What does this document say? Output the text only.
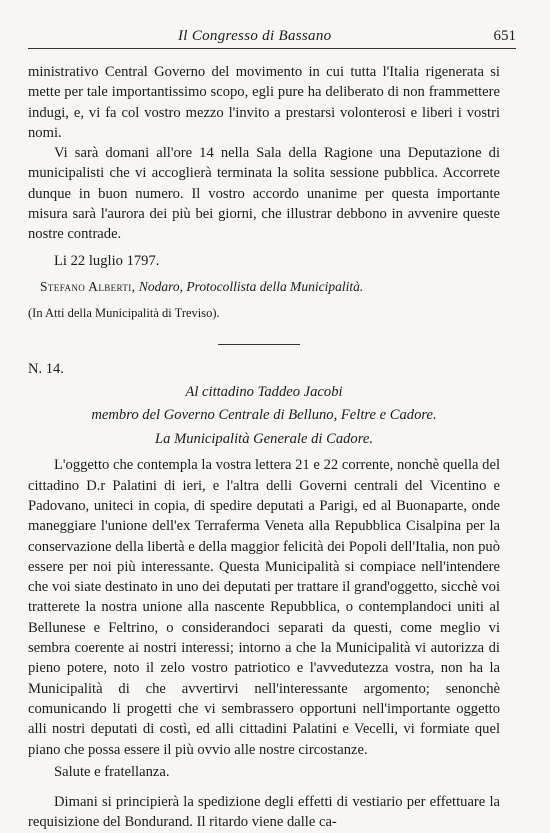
Il Congresso di Bassano	651

ministrativo Central Governo del movimento in cui tutta l'Italia rigenerata si mette per tale importantissimo scopo, egli pure ha deliberato di non frammettere indugi, e, vi fa col vostro mezzo l'invito a prestarsi volonterosi e liberi i vostri nomi.

Vi sarà domani all'ore 14 nella Sala della Ragione una Deputazione di municipalisti che vi accoglierà terminata la solita sessione pubblica. Accorrete dunque in buon numero. Il vostro accordo unanime per questa importante misura sarà l'aurora dei più bei giorni, che illustrar debbono in avvenire queste nostre contrade.

Li 22 luglio 1797.

Stefano Alberti, Nodaro, Protocollista della Municipalità.

(In Atti della Municipalità di Treviso).

N. 14.

Al cittadino Taddeo Jacobi

membro del Governo Centrale di Belluno, Feltre e Cadore.

La Municipalità Generale di Cadore.

L'oggetto che contempla la vostra lettera 21 e 22 corrente, nonchè quella del cittadino D.r Palatini di ieri, e l'altra delli Governi centrali del Vicentino e Padovano, uniteci in copia, di spedire deputati a Parigi, ed al Buonaparte, onde maneggiare l'unione dell'ex Terraferma Veneta alla Repubblica Cisalpina per la conservazione della libertà e della maggior felicità dei Popoli dell'Italia, non può essere per noi più interessante. Questa Municipalità si compiace nell'intendere che voi siate destinato in uno dei deputati per trattare il grand'oggetto, sicchè voi tratterete la nostra unione alla nascente Repubblica, o contemplandoci uniti al Bellunese e Feltrino, o considerandoci separati da questi, come meglio vi sembra coerente ai nostri interessi; intorno a che la Municipalità vi autorizza di pieno potere, noto il zelo vostro patriotico e l'avvedutezza vostra, non ha la Municipalità di che avvertirvi nell'interessante argomento; senonchè comunicando li progetti che vi sembrassero opportuni nell'importante oggetto alli nostri deputati di costì, ed alli cittadini Palatini e Vecelli, vi formiate quel piano che possa essere il più ovvio alle nostre circostanze.

Salute e fratellanza.

Dimani si principierà la spedizione degli effetti di vestiario per effettuare la requisizione del Bondurand. Il ritardo viene dalle ca-
